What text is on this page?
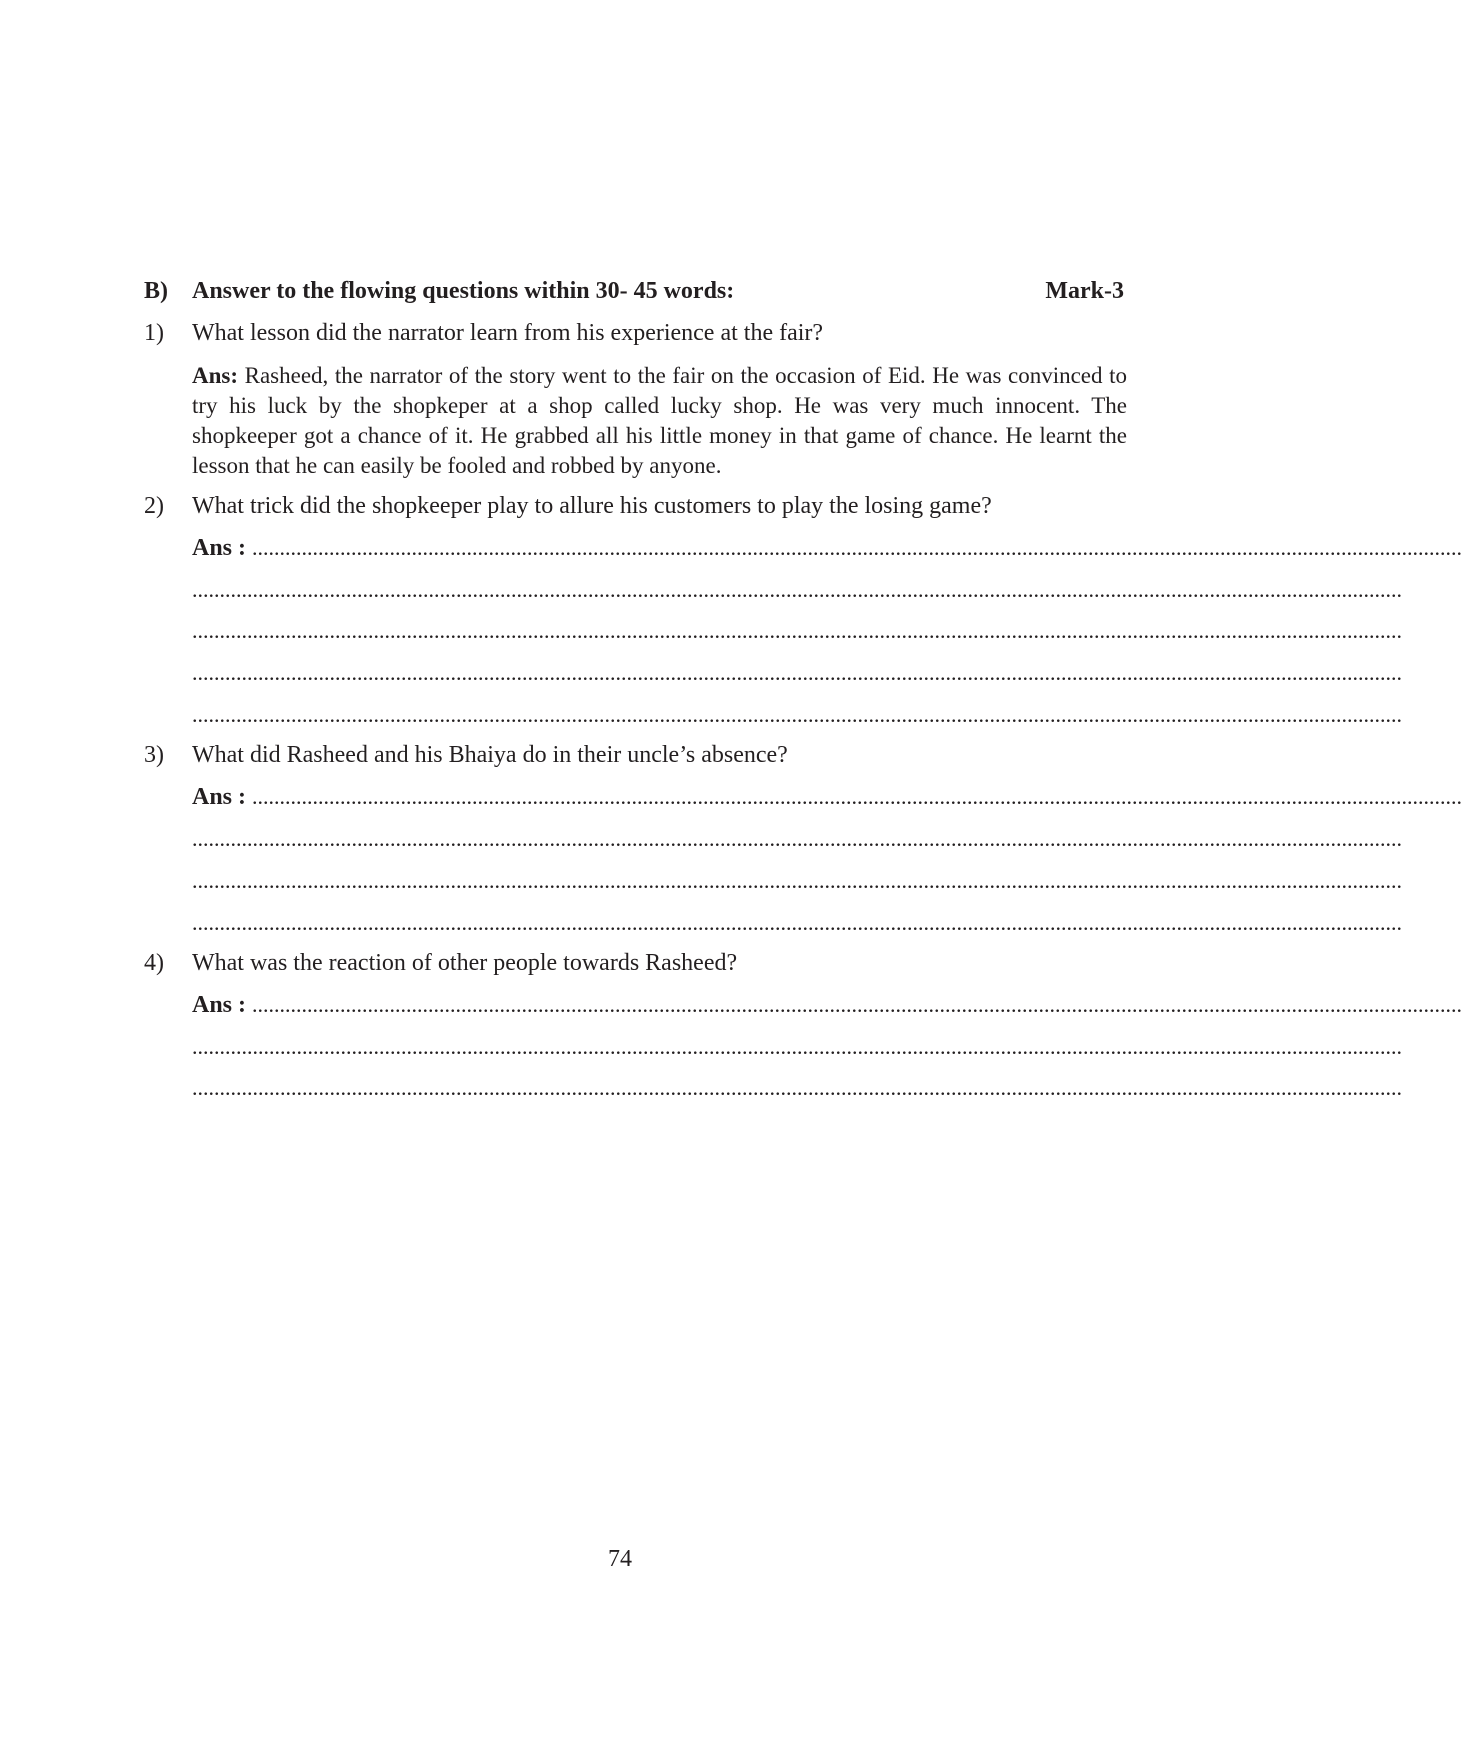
B) Answer to the flowing questions within 30- 45 words:	Mark-3
1) What lesson did the narrator learn from his experience at the fair?
Ans: Rasheed, the narrator of the story went to the fair on the occasion of Eid. He was convinced to try his luck by the shopkeper at a shop called lucky shop. He was very much innocent. The shopkeeper got a chance of it. He grabbed all his little money in that game of chance. He learnt the lesson that he can easily be fooled and robbed by anyone.
2) What trick did the shopkeeper play to allure his customers to play the losing game?
Ans : ............................................................................................................................................................................................................................
............................................................................................................................................................................................................................
............................................................................................................................................................................................................................
............................................................................................................................................................................................................................
............................................................................................................................................................................................................................
3) What did Rasheed and his Bhaiya do in their uncle’s absence?
Ans : ............................................................................................................................................................................................................................
............................................................................................................................................................................................................................
............................................................................................................................................................................................................................
............................................................................................................................................................................................................................
4) What was the reaction of other people towards Rasheed?
Ans : ............................................................................................................................................................................................................................
............................................................................................................................................................................................................................
............................................................................................................................................................................................................................
74
